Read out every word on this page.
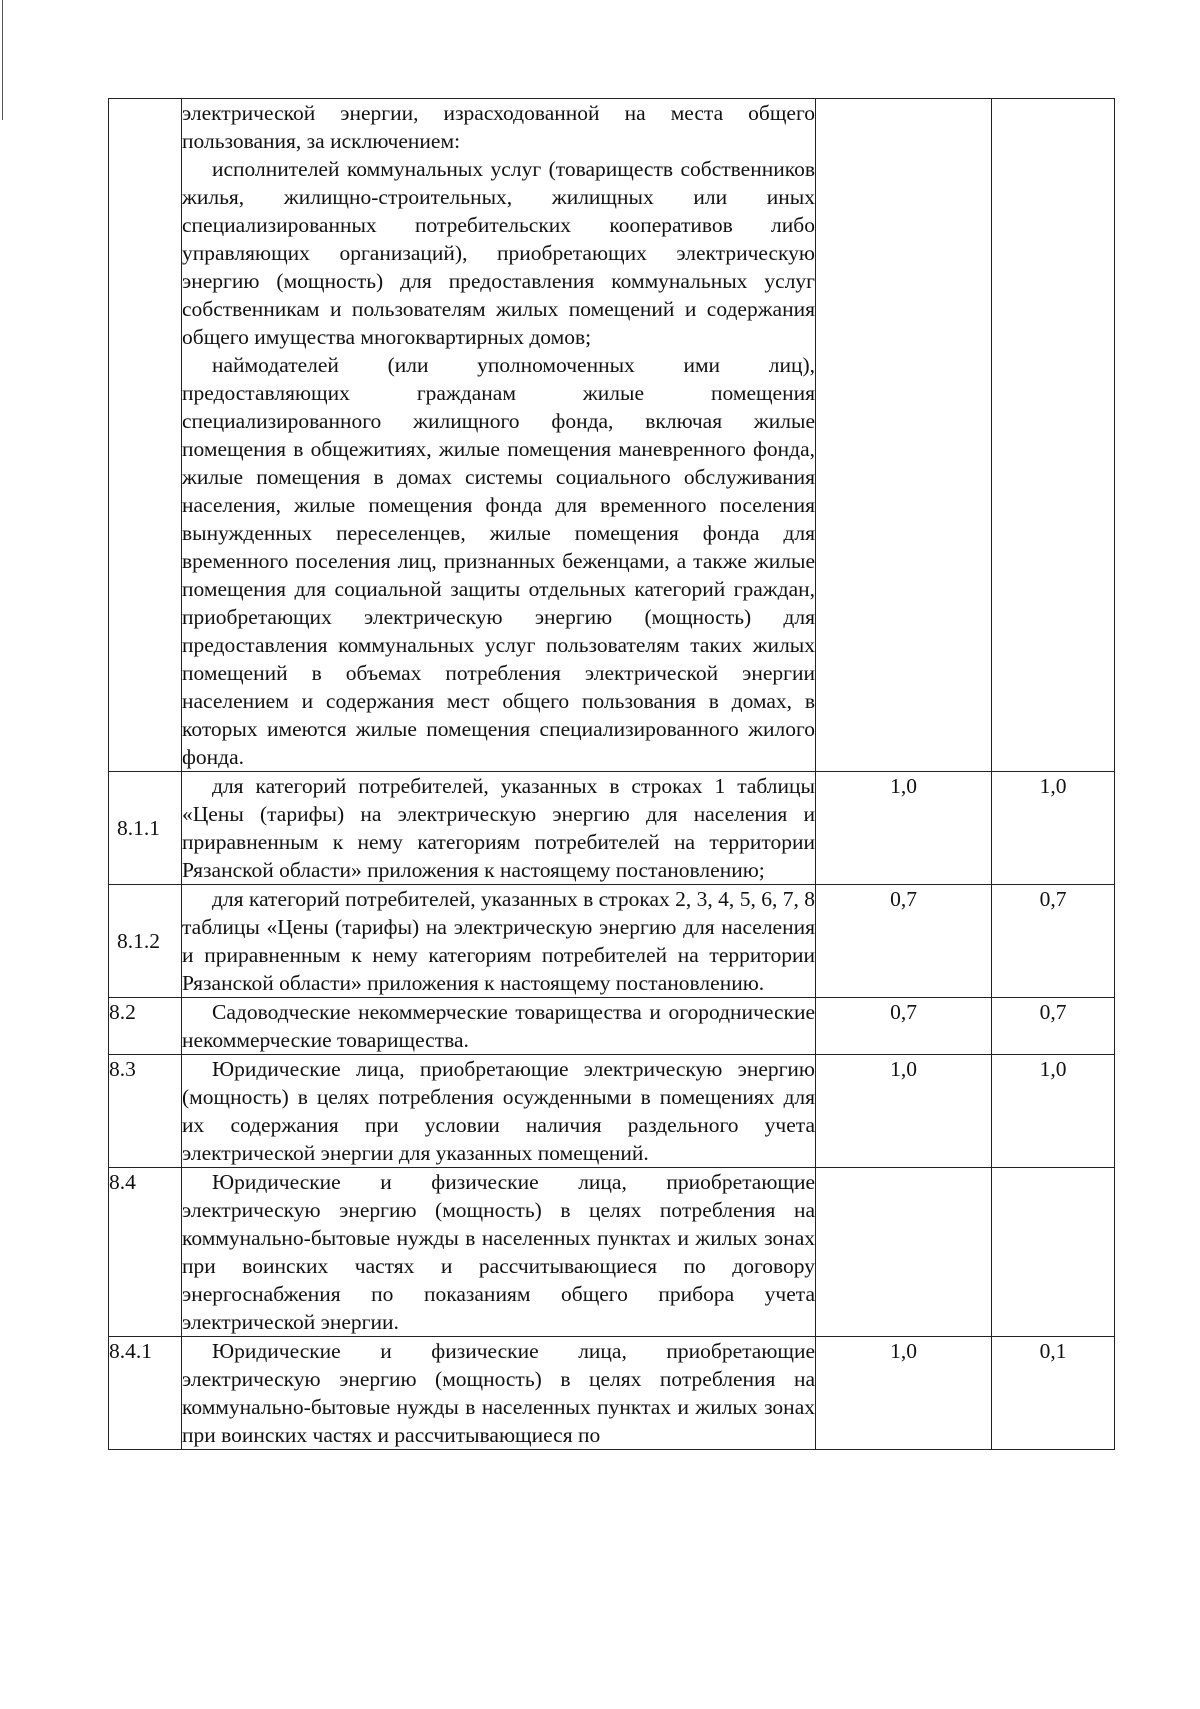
	электрической энергии, израсходованной на места общего пользования, за исключением:

исполнителей коммунальных услуг (товариществ собственников жилья, жилищно-строительных, жилищных или иных специализированных потребительских кооперативов либо управляющих организаций), приобретающих электрическую энергию (мощность) для предоставления коммунальных услуг собственникам и пользователям жилых помещений и содержания общего имущества многоквартирных домов;

наймодателей (или уполномоченных ими лиц), предоставляющих гражданам жилые помещения специализированного жилищного фонда, включая жилые помещения в общежитиях, жилые помещения маневренного фонда, жилые помещения в домах системы социального обслуживания населения, жилые помещения фонда для временного поселения вынужденных переселенцев, жилые помещения фонда для временного поселения лиц, признанных беженцами, а также жилые помещения для социальной защиты отдельных категорий граждан, приобретающих электрическую энергию (мощность) для предоставления коммунальных услуг пользователям таких жилых помещений в объемах потребления электрической энергии населением и содержания мест общего пользования в домах, в которых имеются жилые помещения специализированного жилого фонда.		

8.1.1	для категорий потребителей, указанных в строках 1 таблицы «Цены (тарифы) на электрическую энергию для населения и приравненным к нему категориям потребителей на территории Рязанской области» приложения к настоящему постановлению;	1,0	1,0
8.1.2	для категорий потребителей, указанных в строках 2, 3, 4, 5, 6, 7, 8 таблицы «Цены (тарифы) на электрическую энергию для населения и приравненным к нему категориям потребителей на территории Рязанской области» приложения к настоящему постановлению.	0,7	0,7
8.2	Садоводческие некоммерческие товарищества и огороднические некоммерческие товарищества.	0,7	0,7
8.3	Юридические лица, приобретающие электрическую энергию (мощность) в целях потребления осужденными в помещениях для их содержания при условии наличия раздельного учета электрической энергии для указанных помещений.	1,0	1,0
8.4	Юридические и физические лица, приобретающие электрическую энергию (мощность) в целях потребления на коммунально-бытовые нужды в населенных пунктах и жилых зонах при воинских частях и рассчитывающиеся по договору энергоснабжения по показаниям общего прибора учета электрической энергии.		

8.4.1	Юридические и физические лица, приобретающие электрическую энергию (мощность) в целях потребления на коммунально-бытовые нужды в населенных пунктах и жилых зонах при воинских частях и рассчитывающиеся по	1,0	0,1
